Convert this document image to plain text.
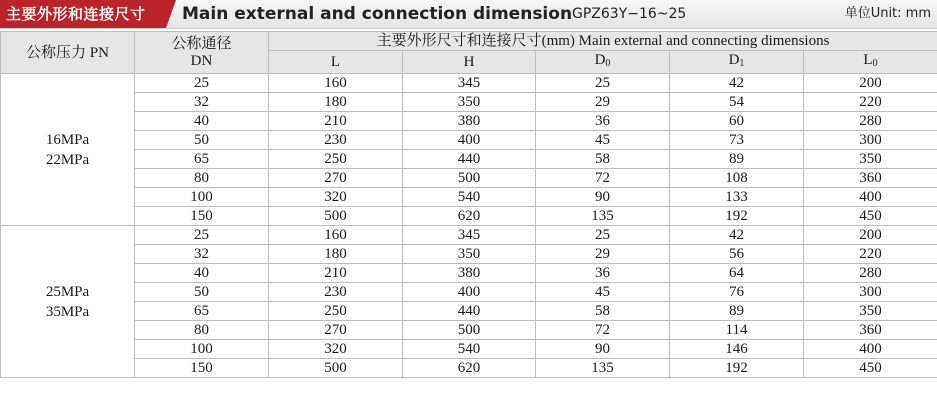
主要外形和连接尺寸	Main external and connection dimension GPZ63Y−16~25	单位Unit: mm
公称压力 PN	公称通径
DN	主要外形尺寸和连接尺寸(mm) Main external and connecting dimensions				
		L	H	$D_0$	$D_1$	$L_0$

16MPa
22MPa	25	160	345	25	42	200
	32	180	350	29	54	220
	40	210	380	36	60	280
	50	230	400	45	73	300
	65	250	440	58	89	350
	80	270	500	72	108	360
	100	320	540	90	133	400
	150	500	620	135	192	450

25MPa
35MPa	25	160	345	25	42	200
	32	180	350	29	56	220
	40	210	380	36	64	280
	50	230	400	45	76	300
	65	250	440	58	89	350
	80	270	500	72	114	360
	100	320	540	90	146	400
	150	500	620	135	192	450
